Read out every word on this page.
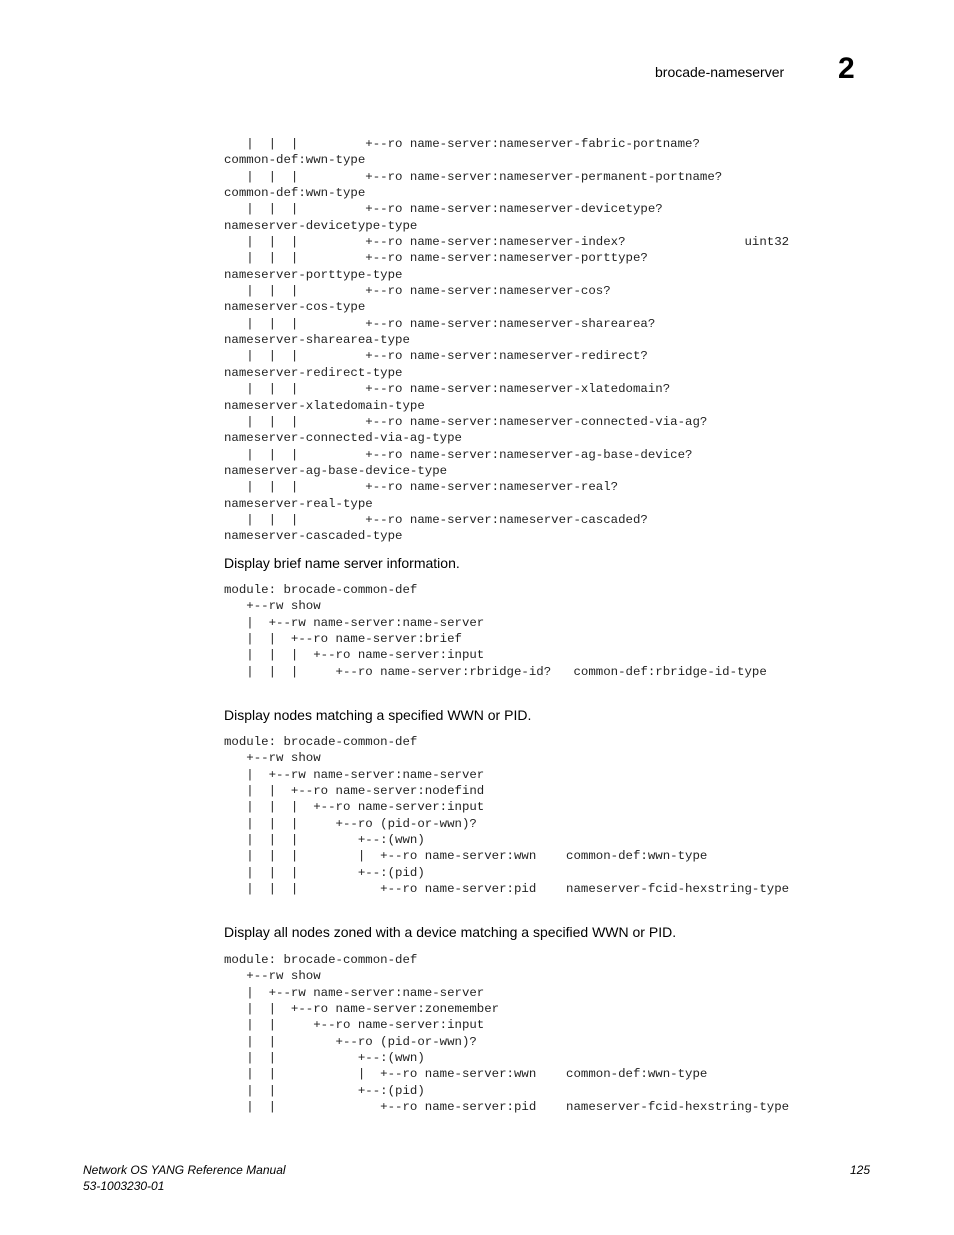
brocade-nameserver 2
|  |  |         +--ro name-server:nameserver-fabric-portname?
common-def:wwn-type
|  |  |         +--ro name-server:nameserver-permanent-portname?
common-def:wwn-type
|  |  |         +--ro name-server:nameserver-devicetype?
nameserver-devicetype-type
|  |  |         +--ro name-server:nameserver-index?                uint32
|  |  |         +--ro name-server:nameserver-porttype?
nameserver-porttype-type
|  |  |         +--ro name-server:nameserver-cos?
nameserver-cos-type
|  |  |         +--ro name-server:nameserver-sharearea?
nameserver-sharearea-type
|  |  |         +--ro name-server:nameserver-redirect?
nameserver-redirect-type
|  |  |         +--ro name-server:nameserver-xlatedomain?
nameserver-xlatedomain-type
|  |  |         +--ro name-server:nameserver-connected-via-ag?
nameserver-connected-via-ag-type
|  |  |         +--ro name-server:nameserver-ag-base-device?
nameserver-ag-base-device-type
|  |  |         +--ro name-server:nameserver-real?
nameserver-real-type
|  |  |         +--ro name-server:nameserver-cascaded?
nameserver-cascaded-type

Display brief name server information.

module: brocade-common-def
+--rw show
|  +--rw name-server:name-server
|  |  +--ro name-server:brief
|  |  |  +--ro name-server:input
|  |  |     +--ro name-server:rbridge-id?   common-def:rbridge-id-type

Display nodes matching a specified WWN or PID.

module: brocade-common-def
+--rw show
|  +--rw name-server:name-server
|  |  +--ro name-server:nodefind
|  |  |  +--ro name-server:input
|  |  |     +--ro (pid-or-wwn)?
|  |  |        +--:(wwn)
|  |  |        |  +--ro name-server:wwn    common-def:wwn-type
|  |  |        +--:(pid)
|  |  |           +--ro name-server:pid    nameserver-fcid-hexstring-type

Display all nodes zoned with a device matching a specified WWN or PID.

module: brocade-common-def
+--rw show
|  +--rw name-server:name-server
|  |  +--ro name-server:zonemember
|  |     +--ro name-server:input
|  |        +--ro (pid-or-wwn)?
|  |           +--:(wwn)
|  |           |  +--ro name-server:wwn    common-def:wwn-type
|  |           +--:(pid)
|  |              +--ro name-server:pid    nameserver-fcid-hexstring-type
Network OS YANG Reference Manual
53-1003230-01
125
